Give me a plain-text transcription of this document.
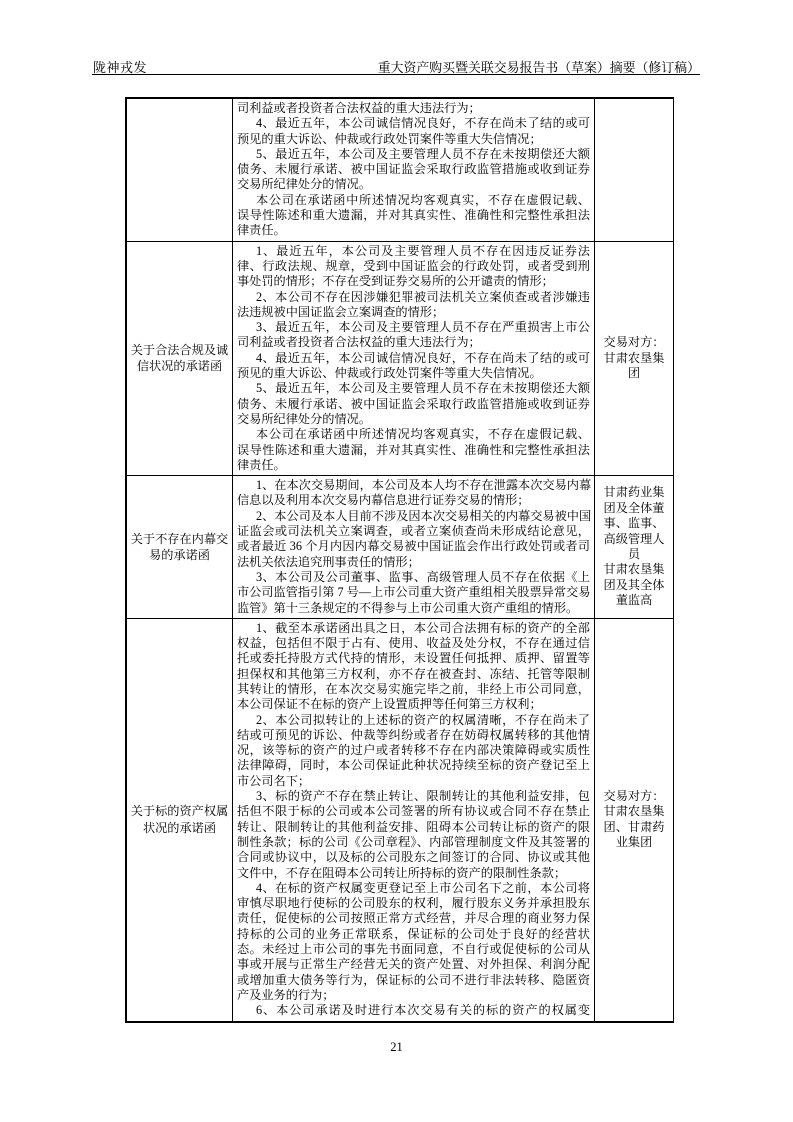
陇神戎发	重大资产购买暨关联交易报告书（草案）摘要（修订稿）
司利益或者投资者合法权益的重大违法行为；
4、最近五年，本公司诚信情况良好，不存在尚未了结的或可
预见的重大诉讼、仲裁或行政处罚案件等重大失信情况；
5、最近五年，本公司及主要管理人员不存在未按期偿还大额
债务、未履行承诺、被中国证监会采取行政监管措施或收到证券
交易所纪律处分的情况。
本公司在承诺函中所述情况均客观真实，不存在虚假记载、
误导性陈述和重大遗漏，并对其真实性、准确性和完整性承担法
律责任。
关于合法合规及诚信状况的承诺函
1、最近五年，本公司及主要管理人员不存在因违反证券法
律、行政法规、规章，受到中国证监会的行政处罚，或者受到刑
事处罚的情形；不存在受到证券交易所的公开谴责的情形；
2、本公司不存在因涉嫌犯罪被司法机关立案侦查或者涉嫌违
法违规被中国证监会立案调查的情形；
3、最近五年，本公司及主要管理人员不存在严重损害上市公
司利益或者投资者合法权益的重大违法行为；
4、最近五年，本公司诚信情况良好，不存在尚未了结的或可
预见的重大诉讼、仲裁或行政处罚案件等重大失信情况。
5、最近五年，本公司及主要管理人员不存在未按期偿还大额
债务、未履行承诺、被中国证监会采取行政监管措施或收到证券
交易所纪律处分的情况。
本公司在承诺函中所述情况均客观真实，不存在虚假记载、
误导性陈述和重大遗漏，并对其真实性、准确性和完整性承担法
律责任。
交易对方：甘肃农垦集团
关于不存在内幕交易的承诺函
1、在本次交易期间，本公司及本人均不存在泄露本次交易内幕
信息以及利用本次交易内幕信息进行证券交易的情形；
2、本公司及本人目前不涉及因本次交易相关的内幕交易被中国
证监会或司法机关立案调查，或者立案侦查尚未形成结论意见，
或者最近 36 个月内因内幕交易被中国证监会作出行政处罚或者司
法机关依法追究刑事责任的情形；
3、本公司及公司董事、监事、高级管理人员不存在依据《上
市公司监管指引第 7 号—上市公司重大资产重组相关股票异常交易
监管》第十三条规定的不得参与上市公司重大资产重组的情形。
甘肃药业集团及全体董事、监事、高级管理人员
甘肃农垦集团及其全体董监高
关于标的资产权属状况的承诺函
1、截至本承诺函出具之日，本公司合法拥有标的资产的全部
权益，包括但不限于占有、使用、收益及处分权，不存在通过信
托或委托持股方式代持的情形，未设置任何抵押、质押、留置等
担保权和其他第三方权利，亦不存在被查封、冻结、托管等限制
其转让的情形，在本次交易实施完毕之前，非经上市公司同意，
本公司保证不在标的资产上设置质押等任何第三方权利；
2、本公司拟转让的上述标的资产的权属清晰，不存在尚未了
结或可预见的诉讼、仲裁等纠纷或者存在妨碍权属转移的其他情
况，该等标的资产的过户或者转移不存在内部决策障碍或实质性
法律障碍，同时，本公司保证此种状况持续至标的资产登记至上
市公司名下；
3、标的资产不存在禁止转让、限制转让的其他利益安排，包
括但不限于标的公司或本公司签署的所有协议或合同不存在禁止
转让、限制转让的其他利益安排、阻碍本公司转让标的资产的限
制性条款；标的公司《公司章程》、内部管理制度文件及其签署的
合同或协议中，以及标的公司股东之间签订的合同、协议或其他
文件中，不存在阻碍本公司转让所持标的资产的限制性条款；
4、在标的资产权属变更登记至上市公司名下之前，本公司将
审慎尽职地行使标的公司股东的权利，履行股东义务并承担股东
责任，促使标的公司按照正常方式经营，并尽合理的商业努力保
持标的公司的业务正常联系，保证标的公司处于良好的经营状
态。未经过上市公司的事先书面同意，不自行或促使标的公司从
事或开展与正常生产经营无关的资产处置、对外担保、利润分配
或增加重大债务等行为，保证标的公司不进行非法转移、隐匿资
产及业务的行为；
6、本公司承诺及时进行本次交易有关的标的资产的权属变
交易对方：甘肃农垦集团、甘肃药业集团
21
